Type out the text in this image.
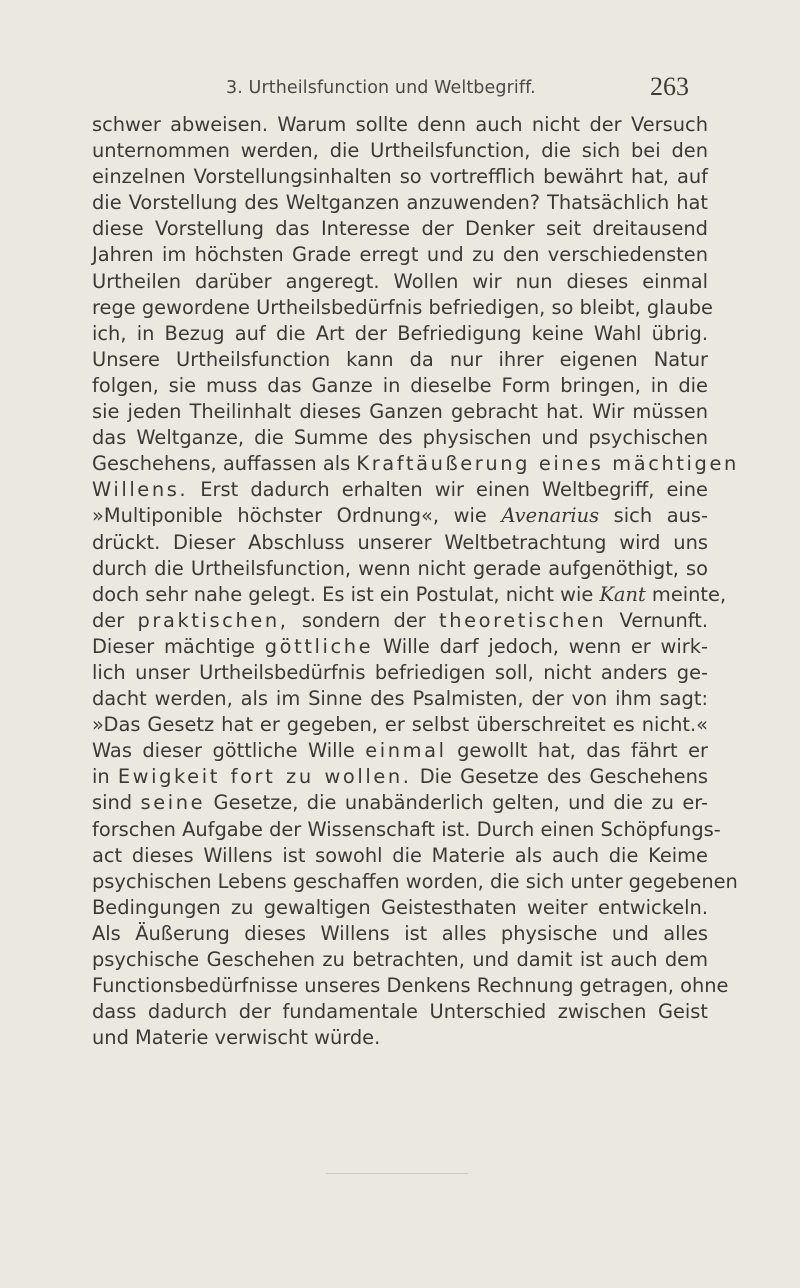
3. Urtheilsfunction und Weltbegriff.	263
schwer abweisen. Warum sollte denn auch nicht der Versuch
unternommen werden, die Urtheilsfunction, die sich bei den
einzelnen Vorstellungsinhalten so vortrefflich bewährt hat, auf
die Vorstellung des Weltganzen anzuwenden? Thatsächlich hat
diese Vorstellung das Interesse der Denker seit dreitausend
Jahren im höchsten Grade erregt und zu den verschiedensten
Urtheilen darüber angeregt. Wollen wir nun dieses einmal
rege gewordene Urtheilsbedürfnis befriedigen, so bleibt, glaube
ich, in Bezug auf die Art der Befriedigung keine Wahl übrig.
Unsere Urtheilsfunction kann da nur ihrer eigenen Natur
folgen, sie muss das Ganze in dieselbe Form bringen, in die
sie jeden Theilinhalt dieses Ganzen gebracht hat. Wir müssen
das Weltganze, die Summe des physischen und psychischen
Geschehens, auffassen als Kraftäußerung eines mächtigen
Willens. Erst dadurch erhalten wir einen Weltbegriff, eine
»Multiponible höchster Ordnung«, wie Avenarius sich aus-
drückt. Dieser Abschluss unserer Weltbetrachtung wird uns
durch die Urtheilsfunction, wenn nicht gerade aufgenöthigt, so
doch sehr nahe gelegt. Es ist ein Postulat, nicht wie Kant meinte,
der praktischen, sondern der theoretischen Vernunft.
Dieser mächtige göttliche Wille darf jedoch, wenn er wirk-
lich unser Urtheilsbedürfnis befriedigen soll, nicht anders ge-
dacht werden, als im Sinne des Psalmisten, der von ihm sagt:
»Das Gesetz hat er gegeben, er selbst überschreitet es nicht.«
Was dieser göttliche Wille einmal gewollt hat, das fährt er
in Ewigkeit fort zu wollen. Die Gesetze des Geschehens
sind seine Gesetze, die unabänderlich gelten, und die zu er-
forschen Aufgabe der Wissenschaft ist. Durch einen Schöpfungs-
act dieses Willens ist sowohl die Materie als auch die Keime
psychischen Lebens geschaffen worden, die sich unter gegebenen
Bedingungen zu gewaltigen Geistesthaten weiter entwickeln.
Als Äußerung dieses Willens ist alles physische und alles
psychische Geschehen zu betrachten, und damit ist auch dem
Functionsbedürfnisse unseres Denkens Rechnung getragen, ohne
dass dadurch der fundamentale Unterschied zwischen Geist
und Materie verwischt würde.
